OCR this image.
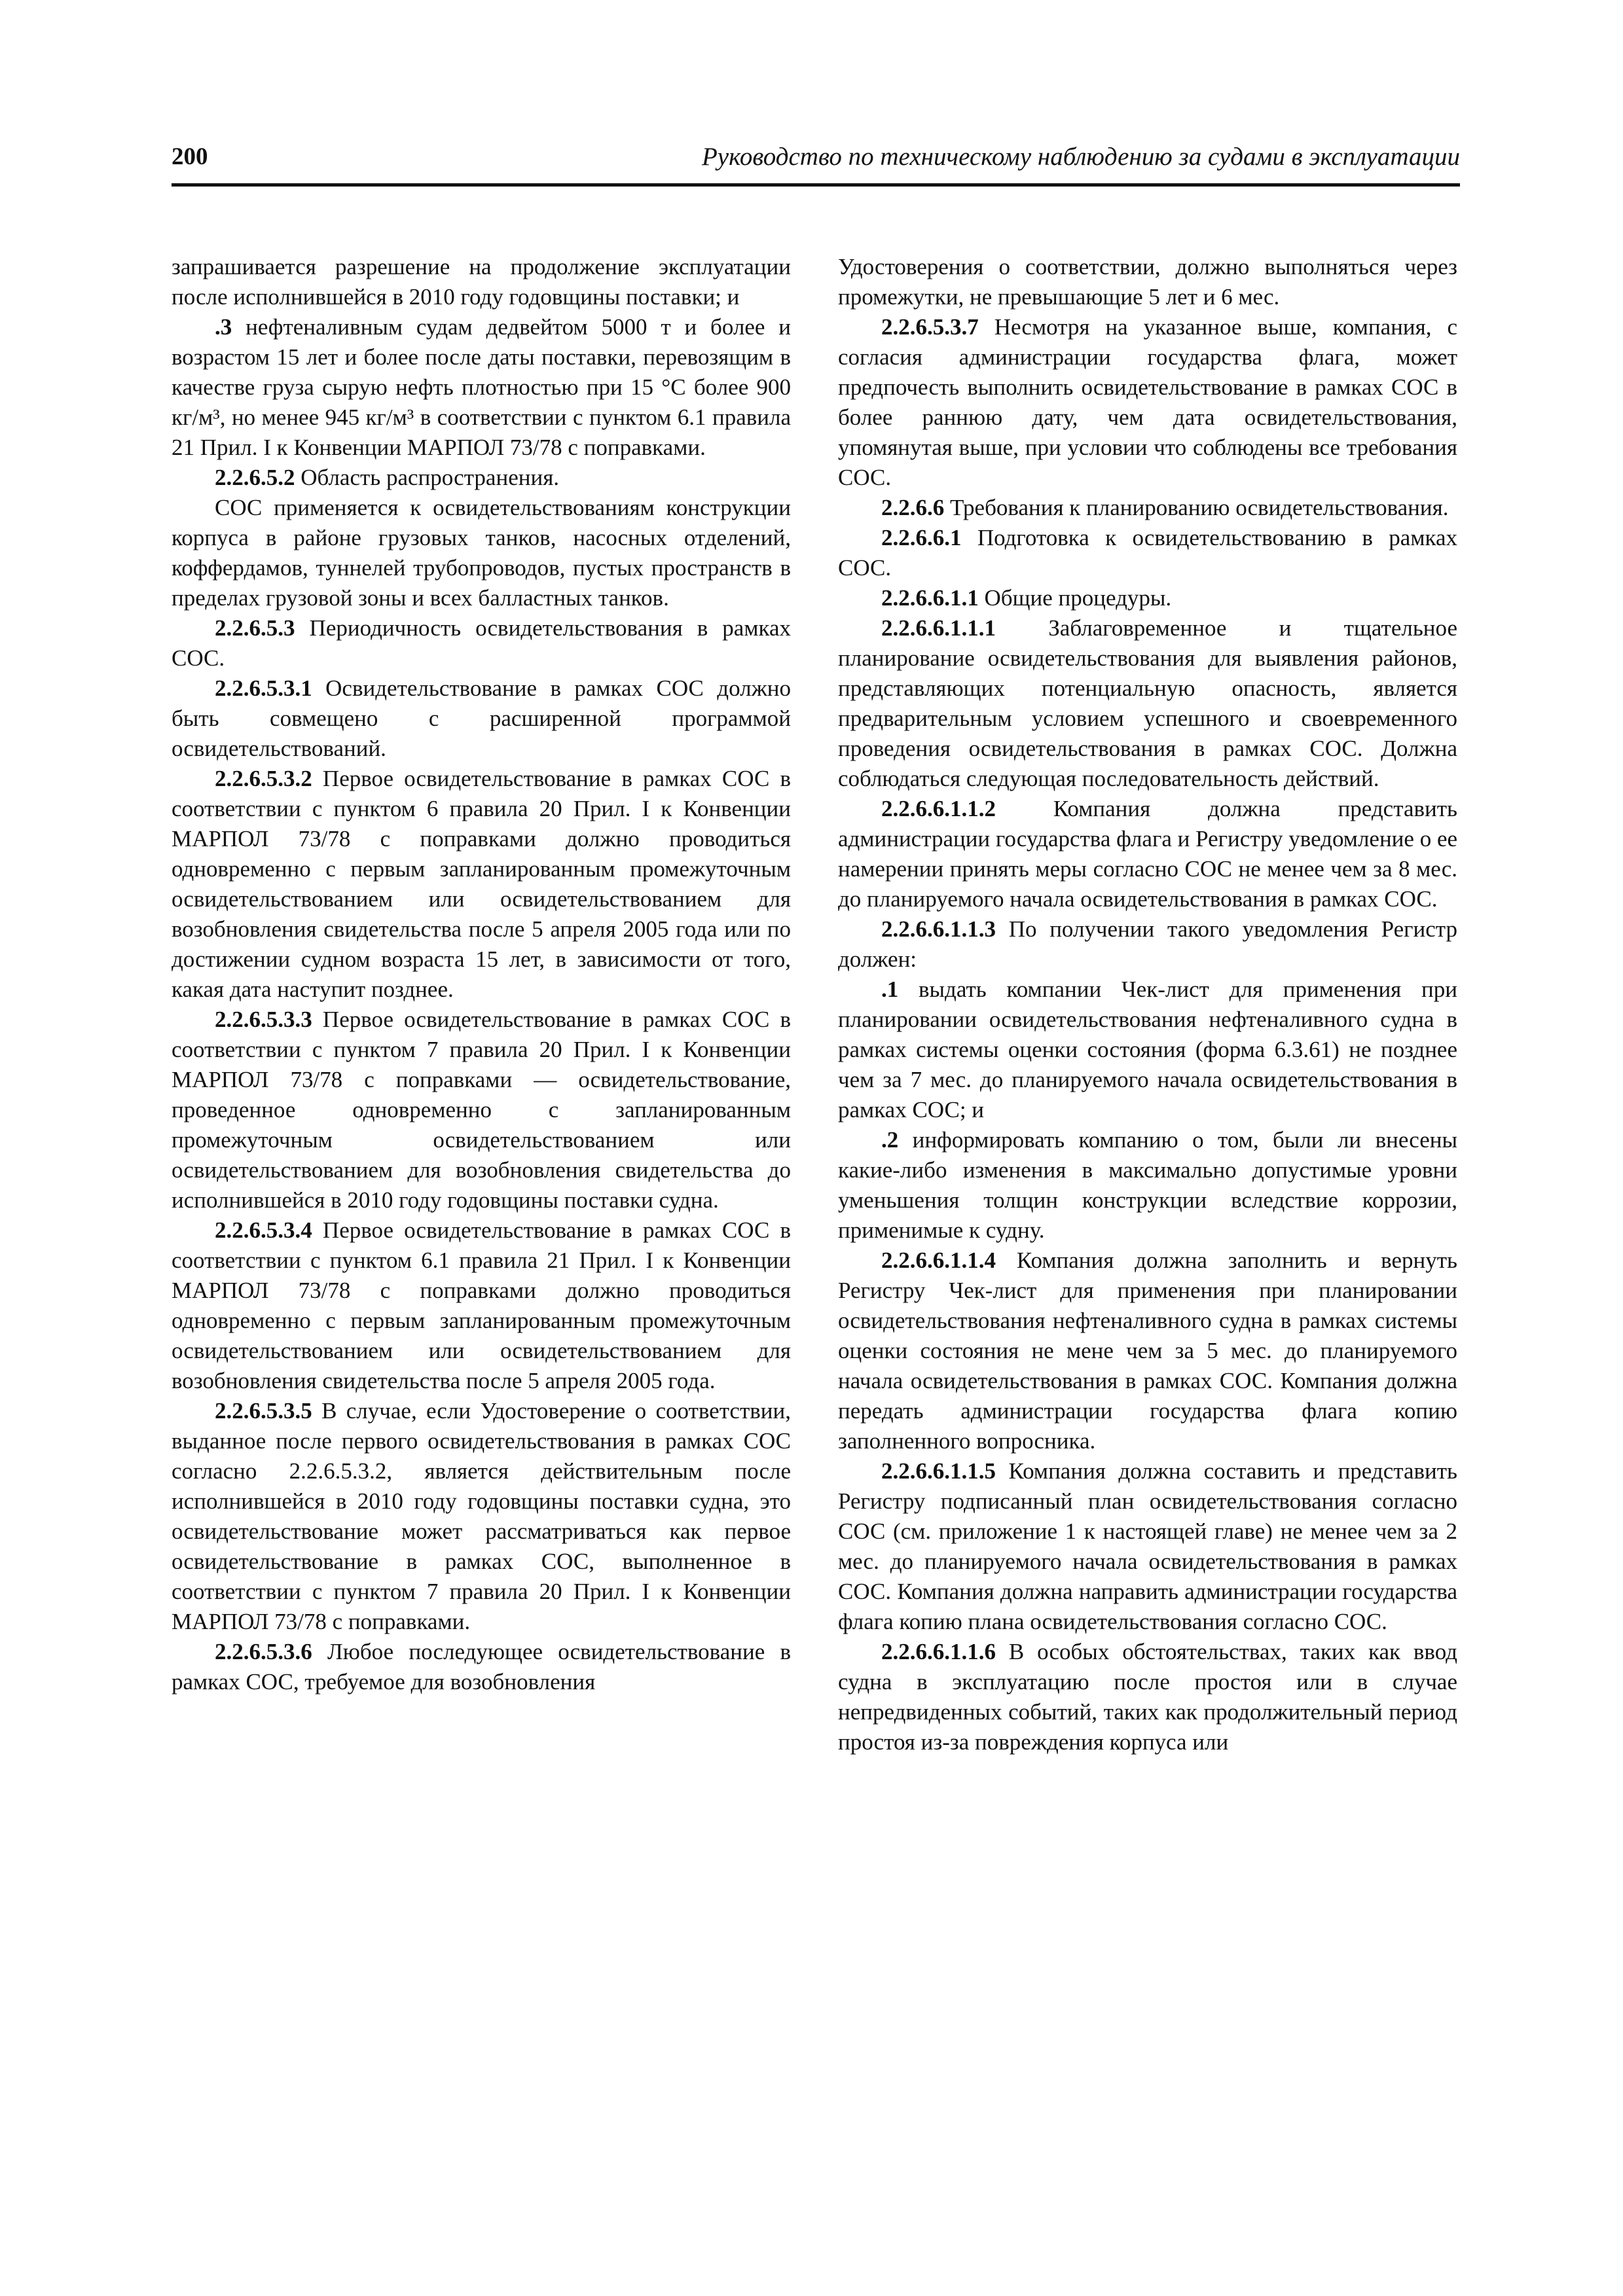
200	Руководство по техническому наблюдению за судами в эксплуатации

запрашивается разрешение на продолжение эксплуатации после исполнившейся в 2010 году годовщины поставки; и

.3 нефтеналивным судам дедвейтом 5000 т и более и возрастом 15 лет и более после даты поставки, перевозящим в качестве груза сырую нефть плотностью при 15 °С более 900 кг/м³, но менее 945 кг/м³ в соответствии с пунктом 6.1 правила 21 Прил. I к Конвенции МАРПОЛ 73/78 с поправками.

2.2.6.5.2 Область распространения.

СОС применяется к освидетельствованиям конструкции корпуса в районе грузовых танков, насосных отделений, коффердамов, туннелей трубопроводов, пустых пространств в пределах грузовой зоны и всех балластных танков.

2.2.6.5.3 Периодичность освидетельствования в рамках СОС.

2.2.6.5.3.1 Освидетельствование в рамках СОС должно быть совмещено с расширенной программой освидетельствований.

2.2.6.5.3.2 Первое освидетельствование в рамках СОС в соответствии с пунктом 6 правила 20 Прил. I к Конвенции МАРПОЛ 73/78 с поправками должно проводиться одновременно с первым запланированным промежуточным освидетельствованием или освидетельствованием для возобновления свидетельства после 5 апреля 2005 года или по достижении судном возраста 15 лет, в зависимости от того, какая дата наступит позднее.

2.2.6.5.3.3 Первое освидетельствование в рамках СОС в соответствии с пунктом 7 правила 20 Прил. I к Конвенции МАРПОЛ 73/78 с поправками — освидетельствование, проведенное одновременно с запланированным промежуточным освидетельствованием или освидетельствованием для возобновления свидетельства до исполнившейся в 2010 году годовщины поставки судна.

2.2.6.5.3.4 Первое освидетельствование в рамках СОС в соответствии с пунктом 6.1 правила 21 Прил. I к Конвенции МАРПОЛ 73/78 с поправками должно проводиться одновременно с первым запланированным промежуточным освидетельствованием или освидетельствованием для возобновления свидетельства после 5 апреля 2005 года.

2.2.6.5.3.5 В случае, если Удостоверение о соответствии, выданное после первого освидетельствования в рамках СОС согласно 2.2.6.5.3.2, является действительным после исполнившейся в 2010 году годовщины поставки судна, это освидетельствование может рассматриваться как первое освидетельствование в рамках СОС, выполненное в соответствии с пунктом 7 правила 20 Прил. I к Конвенции МАРПОЛ 73/78 с поправками.

2.2.6.5.3.6 Любое последующее освидетельствование в рамках СОС, требуемое для возобновления

Удостоверения о соответствии, должно выполняться через промежутки, не превышающие 5 лет и 6 мес.

2.2.6.5.3.7 Несмотря на указанное выше, компания, с согласия администрации государства флага, может предпочесть выполнить освидетельствование в рамках СОС в более раннюю дату, чем дата освидетельствования, упомянутая выше, при условии что соблюдены все требования СОС.

2.2.6.6 Требования к планированию освидетельствования.

2.2.6.6.1 Подготовка к освидетельствованию в рамках СОС.

2.2.6.6.1.1 Общие процедуры.

2.2.6.6.1.1.1 Заблаговременное и тщательное планирование освидетельствования для выявления районов, представляющих потенциальную опасность, является предварительным условием успешного и своевременного проведения освидетельствования в рамках СОС. Должна соблюдаться следующая последовательность действий.

2.2.6.6.1.1.2 Компания должна представить администрации государства флага и Регистру уведомление о ее намерении принять меры согласно СОС не менее чем за 8 мес. до планируемого начала освидетельствования в рамках СОС.

2.2.6.6.1.1.3 По получении такого уведомления Регистр должен:

.1 выдать компании Чек-лист для применения при планировании освидетельствования нефтеналивного судна в рамках системы оценки состояния (форма 6.3.61) не позднее чем за 7 мес. до планируемого начала освидетельствования в рамках СОС; и

.2 информировать компанию о том, были ли внесены какие-либо изменения в максимально допустимые уровни уменьшения толщин конструкции вследствие коррозии, применимые к судну.

2.2.6.6.1.1.4 Компания должна заполнить и вернуть Регистру Чек-лист для применения при планировании освидетельствования нефтеналивного судна в рамках системы оценки состояния не мене чем за 5 мес. до планируемого начала освидетельствования в рамках СОС. Компания должна передать администрации государства флага копию заполненного вопросника.

2.2.6.6.1.1.5 Компания должна составить и представить Регистру подписанный план освидетельствования согласно СОС (см. приложение 1 к настоящей главе) не менее чем за 2 мес. до планируемого начала освидетельствования в рамках СОС. Компания должна направить администрации государства флага копию плана освидетельствования согласно СОС.

2.2.6.6.1.1.6 В особых обстоятельствах, таких как ввод судна в эксплуатацию после простоя или в случае непредвиденных событий, таких как продолжительный период простоя из-за повреждения корпуса или
